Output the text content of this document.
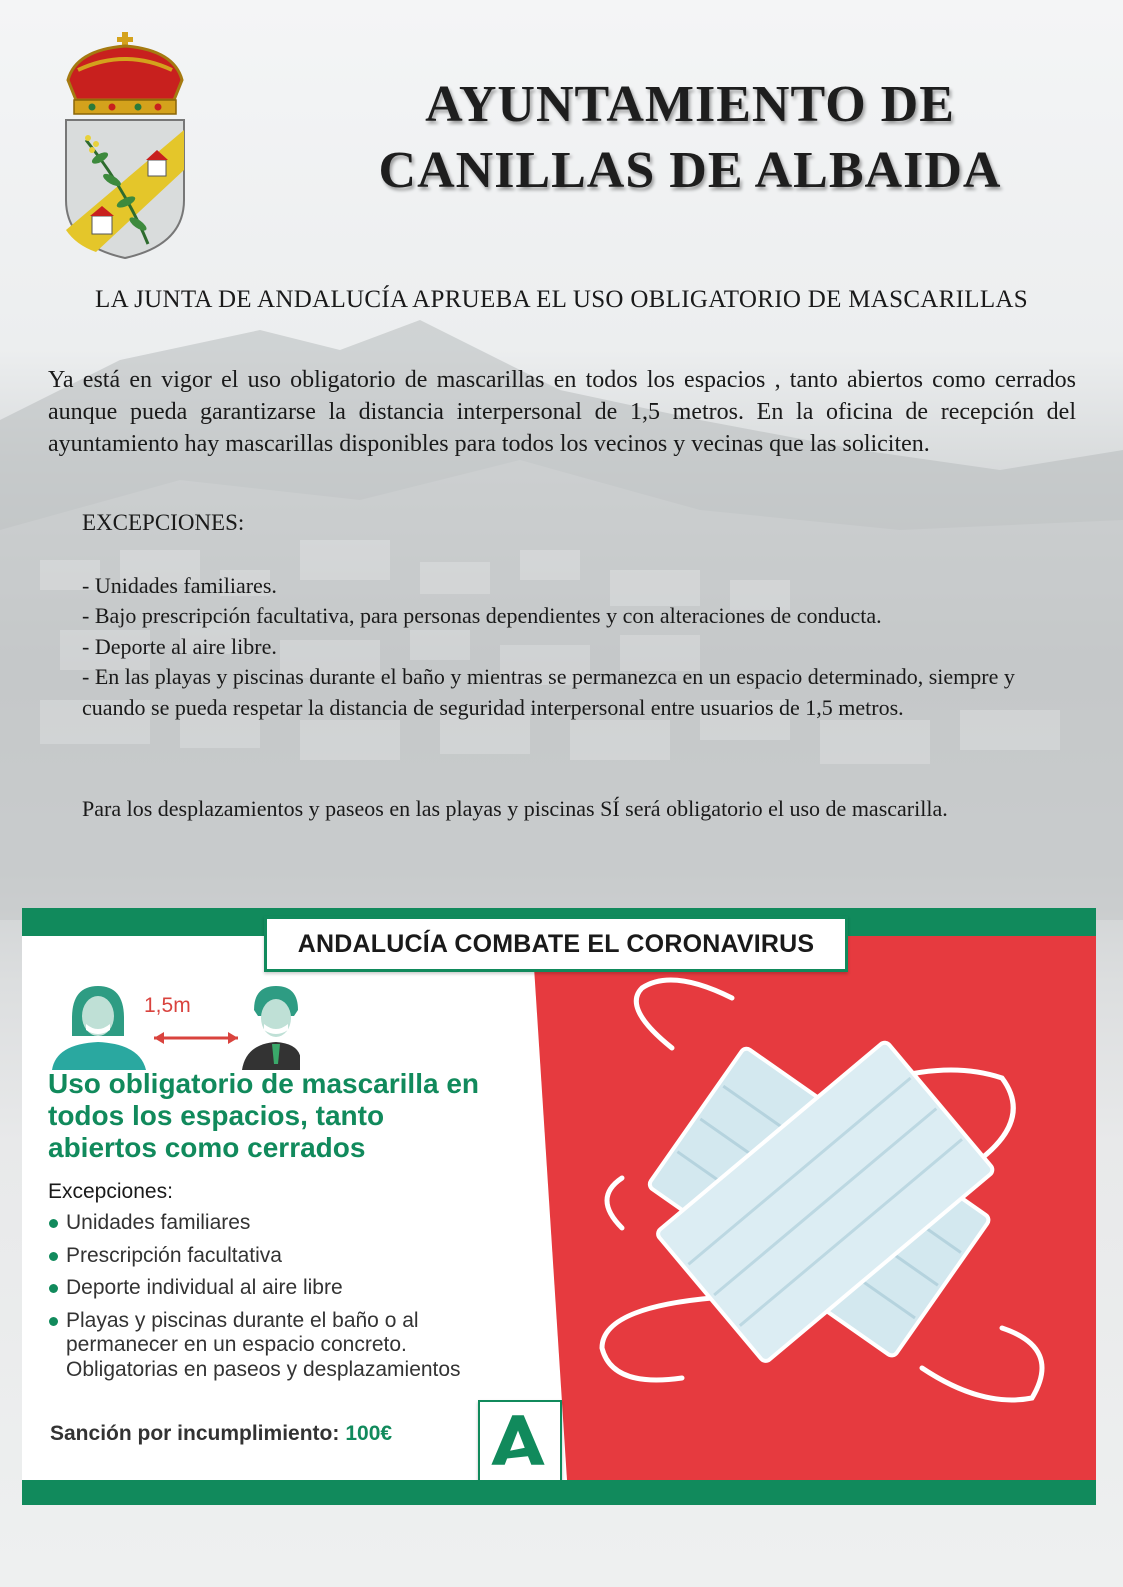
AYUNTAMIENTO DE
CANILLAS DE ALBAIDA
LA JUNTA DE ANDALUCÍA APRUEBA EL USO OBLIGATORIO DE MASCARILLAS
Ya está en vigor el uso obligatorio de mascarillas en todos los espacios , tanto abiertos como cerrados aunque pueda garantizarse la distancia interpersonal de 1,5 metros. En la oficina de recepción del ayuntamiento hay mascarillas disponibles para todos los vecinos y vecinas que las soliciten.
EXCEPCIONES:
- Unidades familiares.
- Bajo prescripción facultativa, para personas dependientes y con alteraciones de conducta.
- Deporte al aire libre.
- En las playas y piscinas durante el baño y mientras se permanezca en un espacio determinado, siempre y cuando se pueda respetar la distancia de seguridad interpersonal entre usuarios de 1,5 metros.
Para los desplazamientos y paseos en las playas y piscinas SÍ será obligatorio el uso de mascarilla.
ANDALUCÍA COMBATE EL CORONAVIRUS
1,5m
Uso obligatorio de mascarilla en todos los espacios, tanto abiertos como cerrados
Excepciones:
Unidades familiares
Prescripción facultativa
Deporte individual al aire libre
Playas y piscinas durante el baño o al permanecer en un espacio concreto. Obligatorias en paseos y desplazamientos
Sanción por incumplimiento: 100€
